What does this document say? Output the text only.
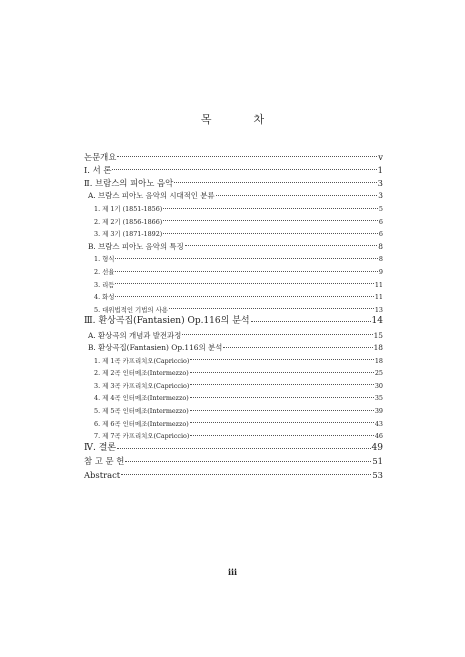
목	차
논문개요	v
Ⅰ. 서 론	1
Ⅱ. 브람스의 피아노 음악	3
A. 브람스 피아노 음악의 시대적인 분류	3
1. 제 1기 (1851-1856)	5
2. 제 2기 (1856-1866)	6
3. 제 3기 (1871-1892)	6
B. 브람스 피아노 음악의 특징	8
1. 형식	8
2. 선율	9
3. 리듬	11
4. 화성	11
5. 대위법적인 기법의 사용	13
Ⅲ. 환상곡집(Fantasien) Op.116의 분석	14
A. 환상곡의 개념과 발전과정	15
B. 환상곡집(Fantasien) Op.116의 분석	18
1. 제 1곡 카프리치오(Capriccio)	18
2. 제 2곡 인터메조(Intermezzo)	25
3. 제 3곡 카프리치오(Capriccio)	30
4. 제 4곡 인터메조(Intermezzo)	35
5. 제 5곡 인터메조(Intermezzo)	39
6. 제 6곡 인터메조(Intermezzo)	43
7. 제 7곡 카프리치오(Capriccio)	46
Ⅳ. 결론	49
참 고 문 헌	51
Abstract	53
iii
